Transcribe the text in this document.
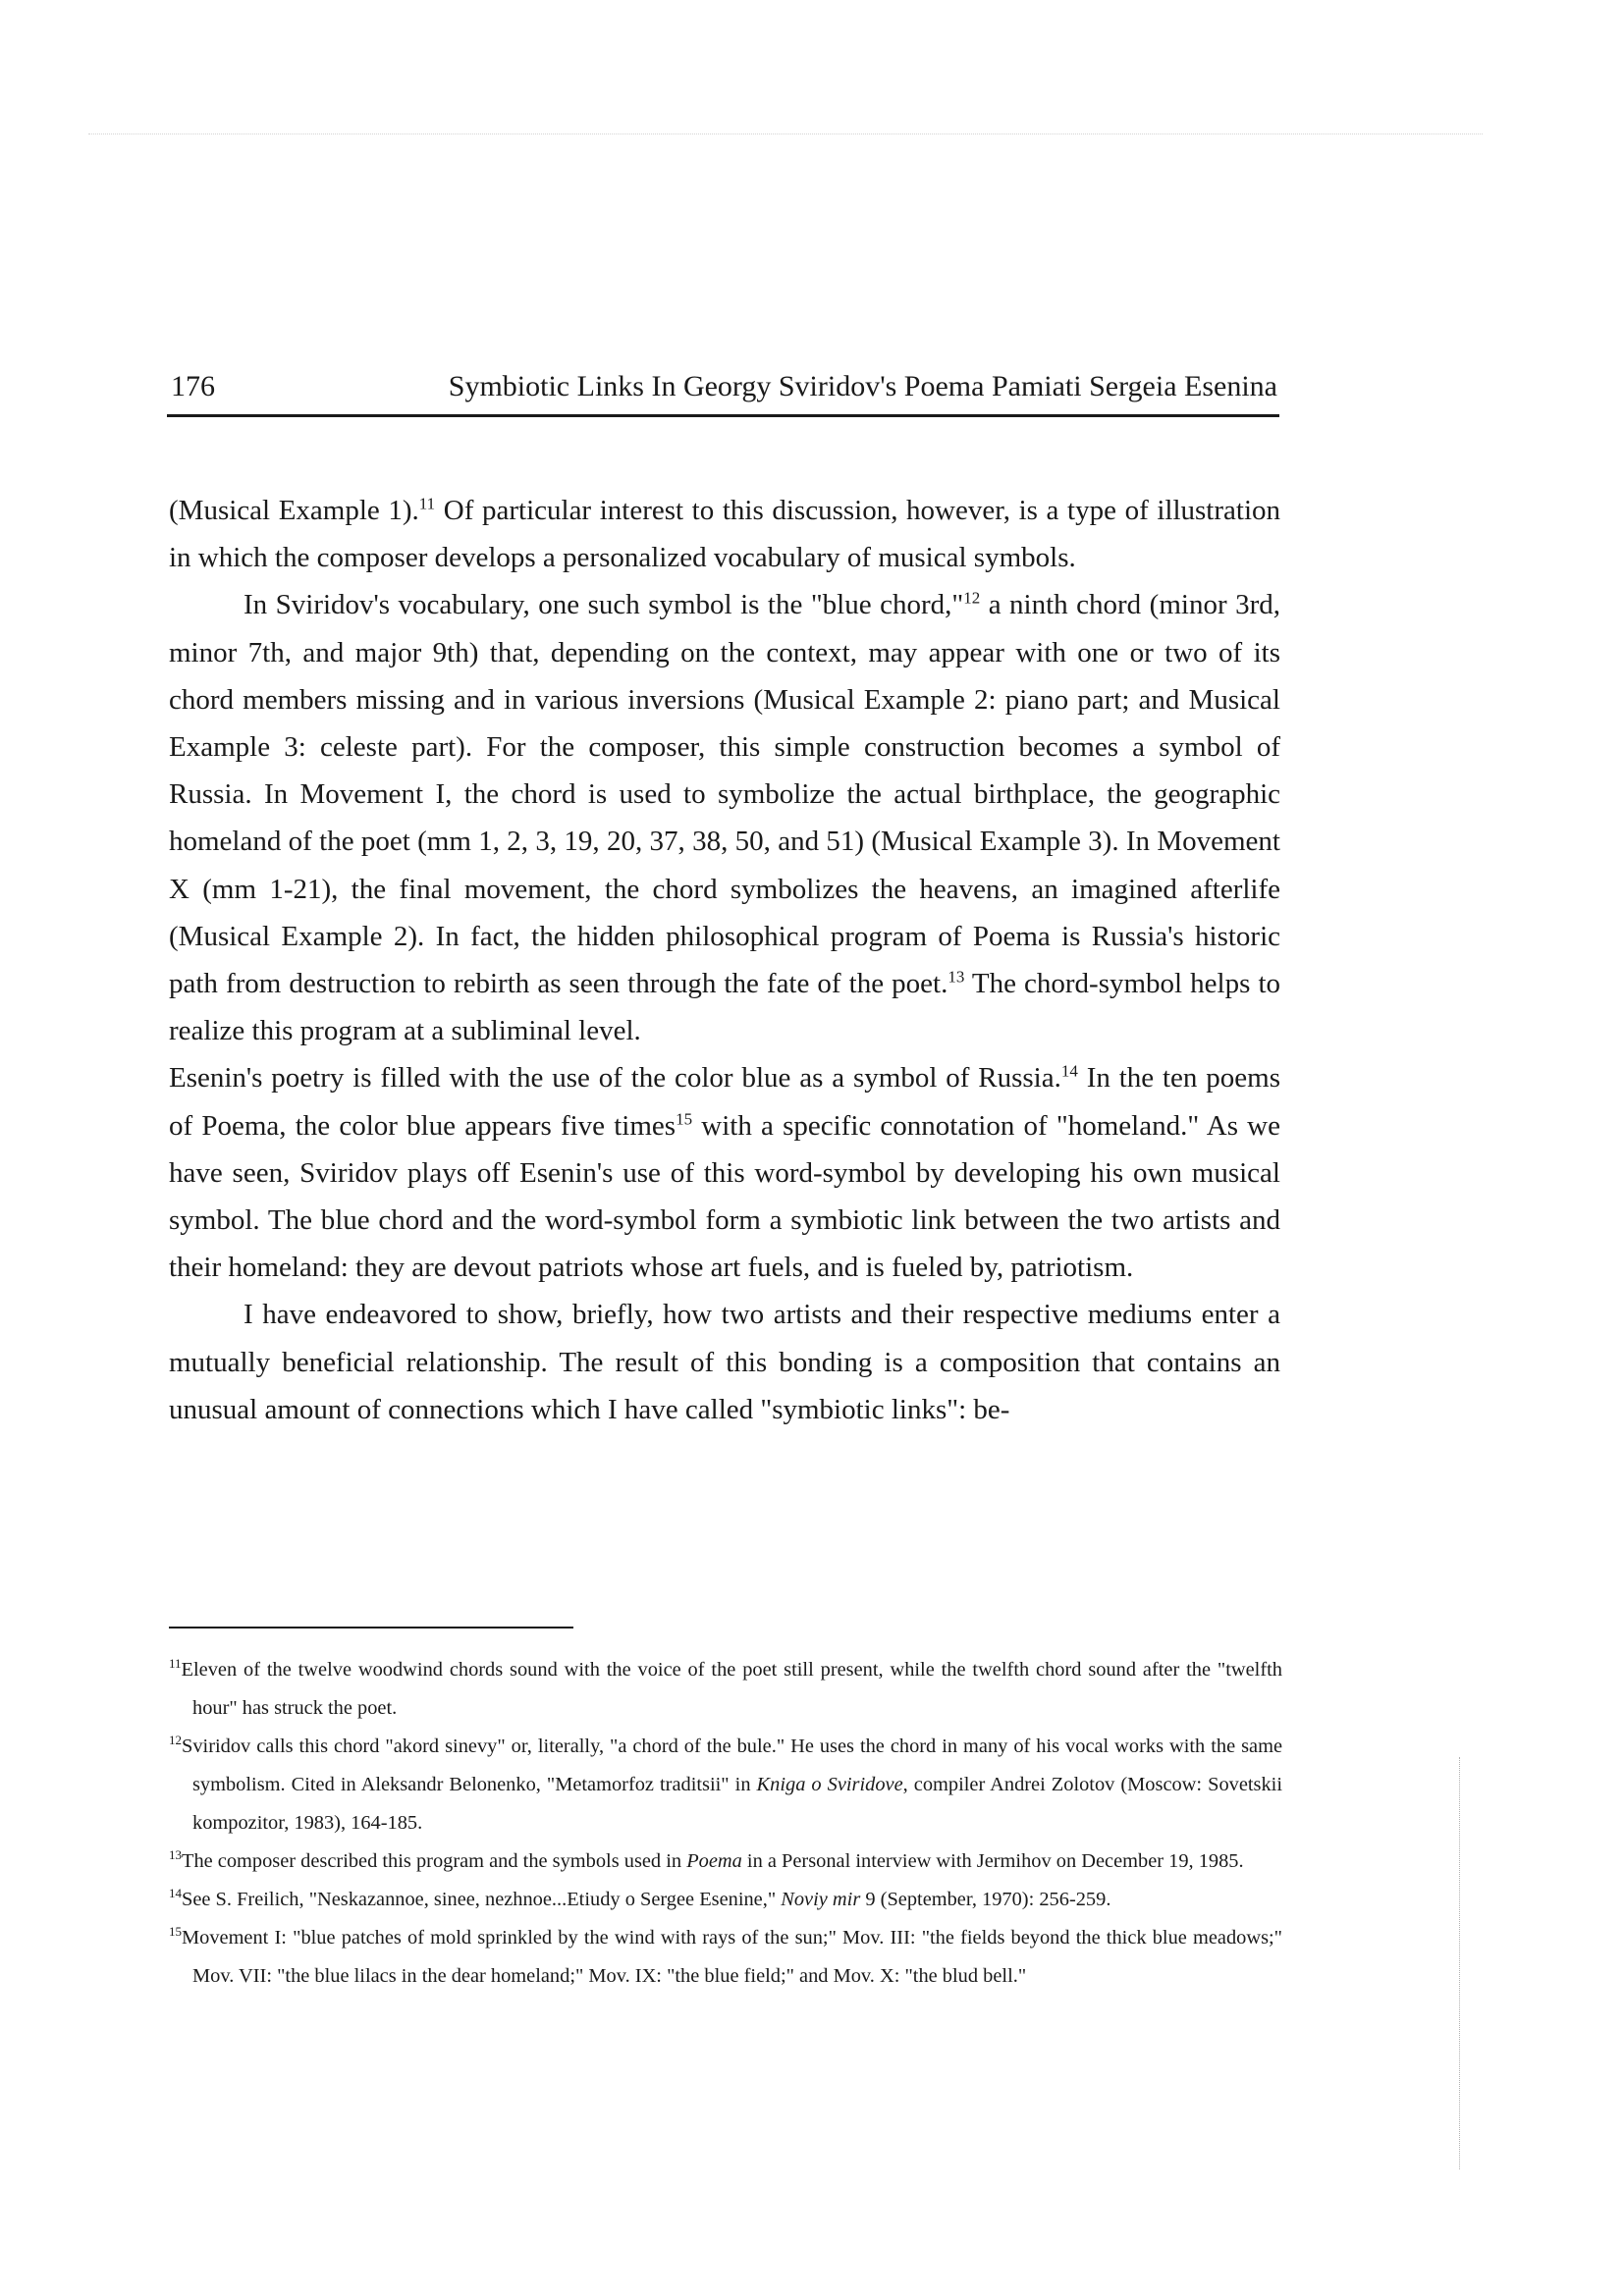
176	Symbiotic Links In Georgy Sviridov's Poema Pamiati Sergeia Esenina

(Musical Example 1).$^{11}$ Of particular interest to this discussion, however, is a type of illustration in which the composer develops a personalized vocabulary of musical symbols.

In Sviridov's vocabulary, one such symbol is the "blue chord,"$^{12}$ a ninth chord (minor 3rd, minor 7th, and major 9th) that, depending on the context, may appear with one or two of its chord members missing and in various inversions (Musical Example 2: piano part; and Musical Example 3: celeste part). For the composer, this simple construction becomes a symbol of Russia. In Movement I, the chord is used to symbolize the actual birthplace, the geographic homeland of the poet (mm 1, 2, 3, 19, 20, 37, 38, 50, and 51) (Musical Example 3). In Movement X (mm 1-21), the final movement, the chord symbolizes the heavens, an imagined afterlife (Musical Example 2). In fact, the hidden philosophical program of Poema is Russia's historic path from destruction to rebirth as seen through the fate of the poet.$^{13}$ The chord-symbol helps to realize this program at a subliminal level.

Esenin's poetry is filled with the use of the color blue as a symbol of Russia.$^{14}$ In the ten poems of Poema, the color blue appears five times$^{15}$ with a specific connotation of "homeland." As we have seen, Sviridov plays off Esenin's use of this word-symbol by developing his own musical symbol. The blue chord and the word-symbol form a symbiotic link between the two artists and their homeland: they are devout patriots whose art fuels, and is fueled by, patriotism.

I have endeavored to show, briefly, how two artists and their respective mediums enter a mutually beneficial relationship. The result of this bonding is a composition that contains an unusual amount of connections which I have called "symbiotic links": be-

$^{11}$Eleven of the twelve woodwind chords sound with the voice of the poet still present, while the twelfth chord sound after the "twelfth hour" has struck the poet.

$^{12}$Sviridov calls this chord "akord sinevy" or, literally, "a chord of the bule." He uses the chord in many of his vocal works with the same symbolism. Cited in Aleksandr Belonenko, "Metamorfoz traditsii" in Kniga o Sviridove, compiler Andrei Zolotov (Moscow: Sovetskii kompozitor, 1983), 164-185.

$^{13}$The composer described this program and the symbols used in Poema in a Personal interview with Jermihov on December 19, 1985.

$^{14}$See S. Freilich, "Neskazannoe, sinee, nezhnoe...Etiudy o Sergee Esenine," Noviy mir 9 (September, 1970): 256-259.

$^{15}$Movement I: "blue patches of mold sprinkled by the wind with rays of the sun;" Mov. III: "the fields beyond the thick blue meadows;" Mov. VII: "the blue lilacs in the dear homeland;" Mov. IX: "the blue field;" and Mov. X: "the blud bell."
